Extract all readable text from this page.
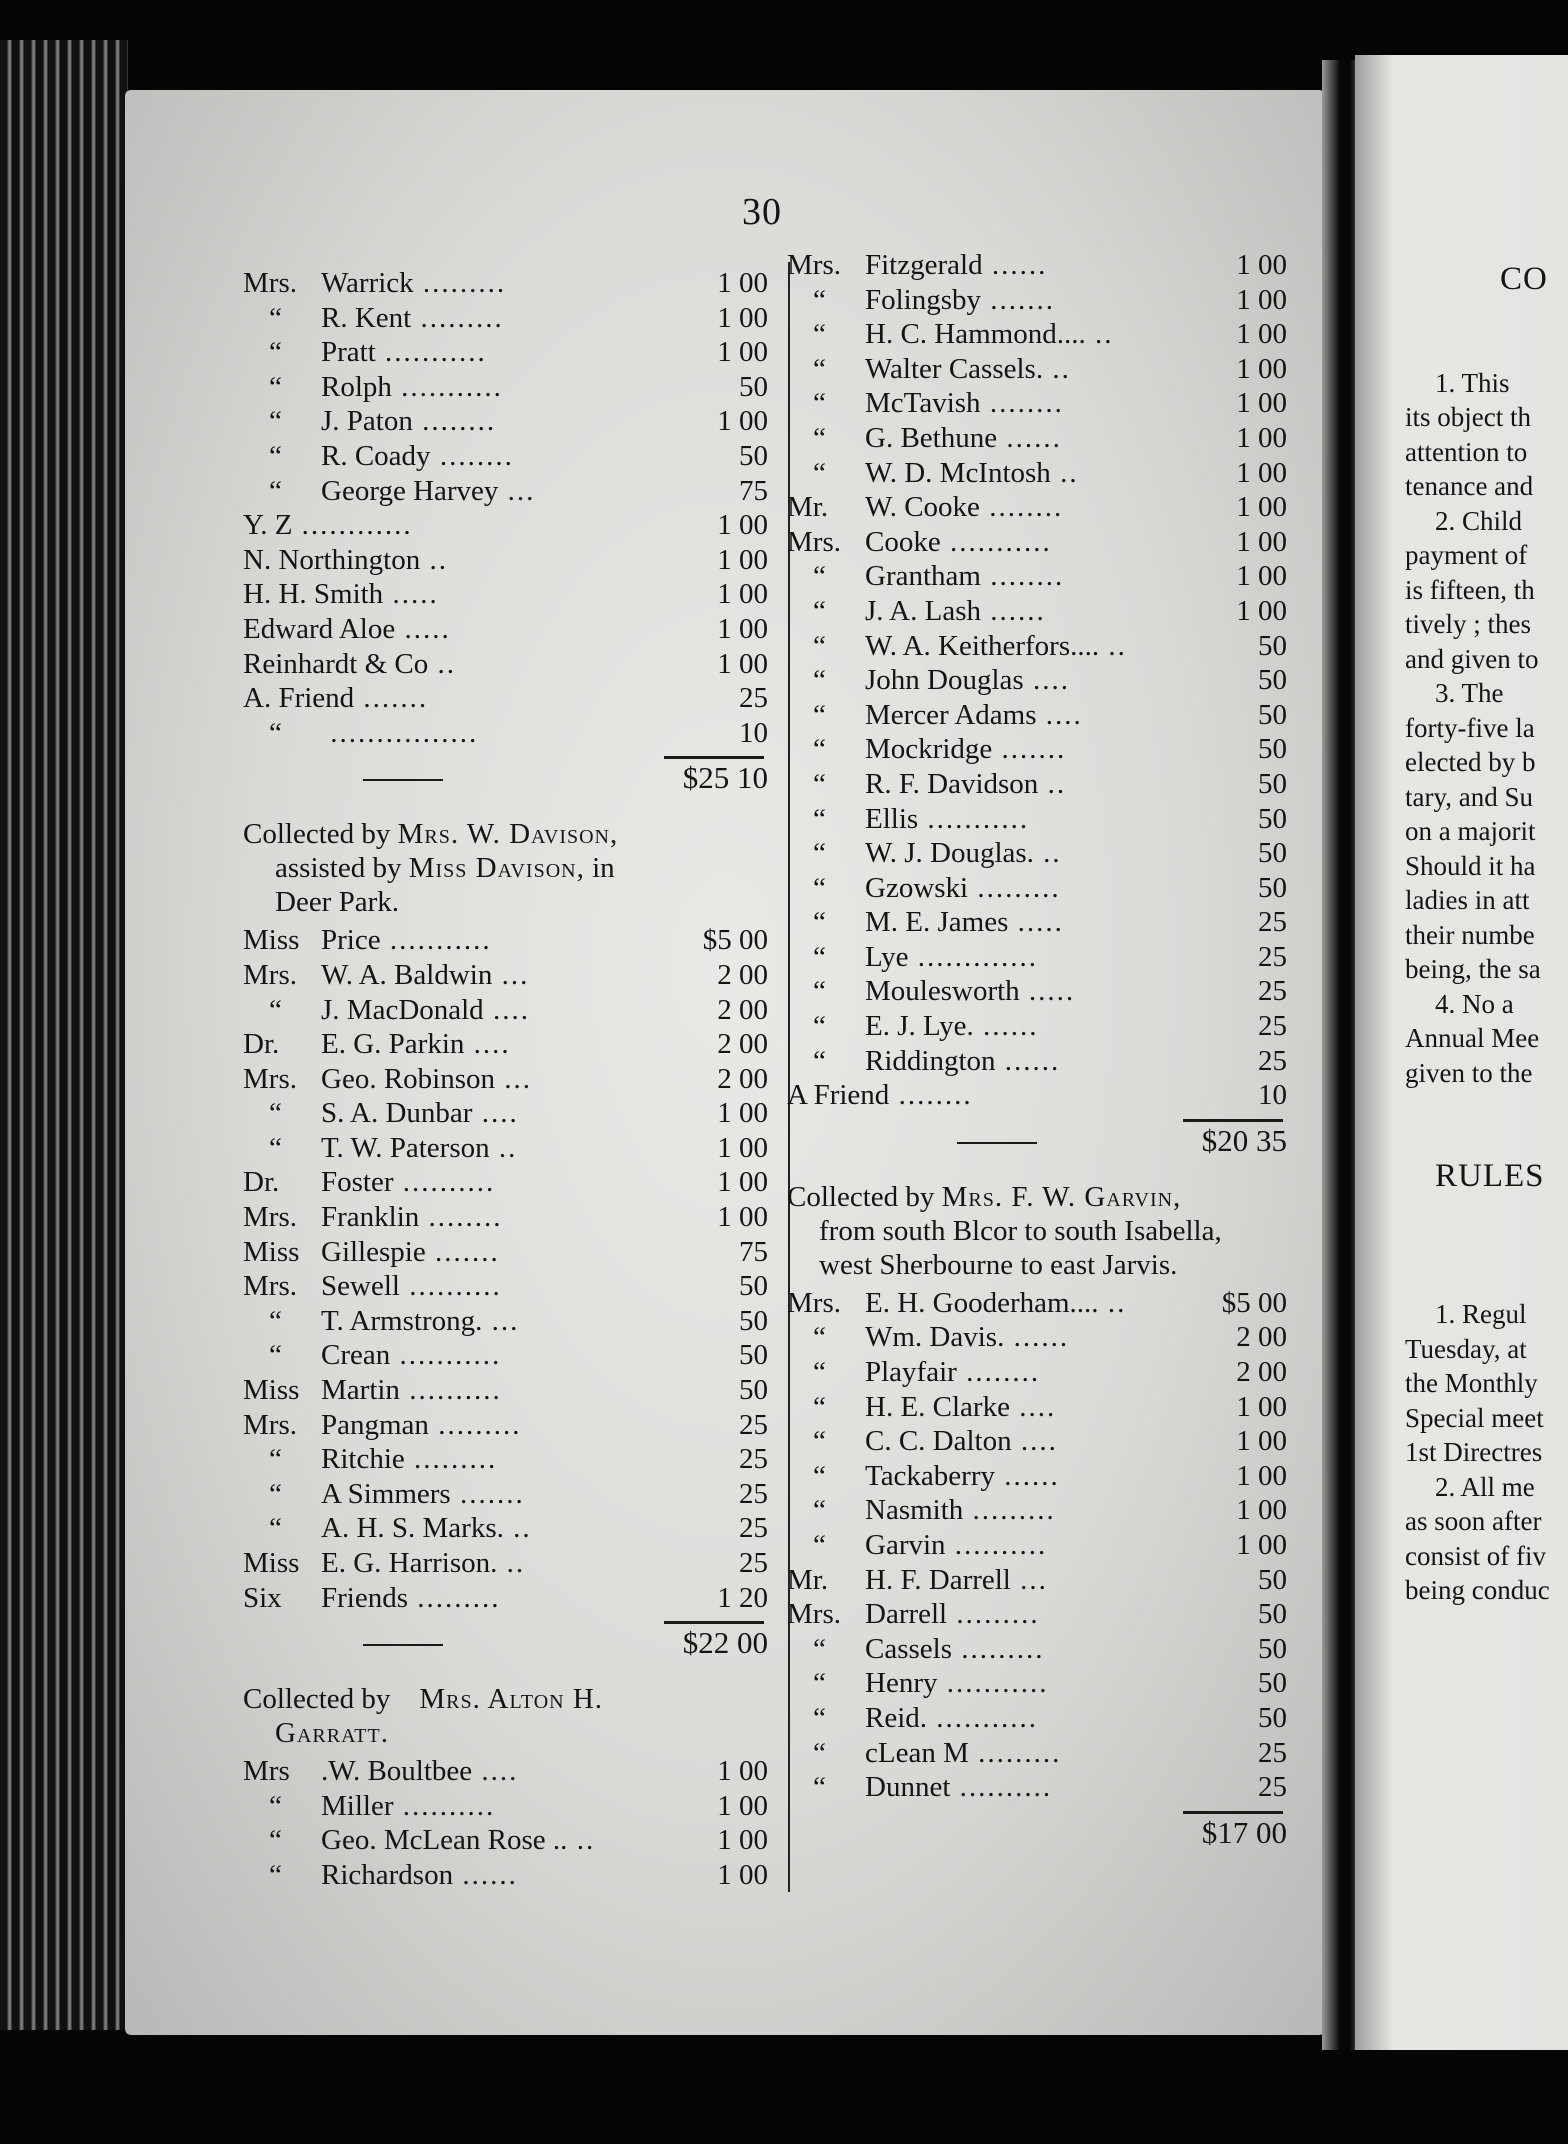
30
Mrs. Warrick .........	1 00
“ R. Kent .........	1 00
“ Pratt ...........	1 00
“ Rolph ...........	50
“ J. Paton ........	1 00
“ R. Coady ........	50
“ George Harvey ...	75
Y. Z ............	1 00
N. Northington ..	1 00
H. H. Smith .....	1 00
Edward Aloe .....	1 00
Reinhardt & Co ..	1 00
A. Friend .......	25
“ ................	10
$25 10
Collected by Mrs. W. Davison,
assisted by Miss Davison, in
Deer Park.
Miss Price ...........	$5 00
Mrs. W. A. Baldwin ...	2 00
“ J. MacDonald ....	2 00
Dr. E. G. Parkin ....	2 00
Mrs. Geo. Robinson ...	2 00
“ S. A. Dunbar ....	1 00
“ T. W. Paterson ..	1 00
Dr. Foster ..........	1 00
Mrs. Franklin ........	1 00
Miss Gillespie .......	75
Mrs. Sewell ..........	50
“ T. Armstrong. ...	50
“ Crean ...........	50
Miss Martin ..........	50
Mrs. Pangman .........	25
“ Ritchie .........	25
“ A Simmers .......	25
“ A. H. S. Marks. ..	25
Miss E. G. Harrison. ..	25
Six Friends .........	1 20
$22 00
Collected by Mrs. Alton H.
Garratt.
Mrs .W. Boultbee ....	1 00
“ Miller ..........	1 00
“ Geo. McLean Rose .. ..	1 00
“ Richardson ......	1 00
Mrs. Fitzgerald ......	1 00
“ Folingsby .......	1 00
“ H. C. Hammond.... ..	1 00
“ Walter Cassels. ..	1 00
“ McTavish ........	1 00
“ G. Bethune ......	1 00
“ W. D. McIntosh ..	1 00
Mr. W. Cooke ........	1 00
Mrs. Cooke ...........	1 00
“ Grantham ........	1 00
“ J. A. Lash ......	1 00
“ W. A. Keitherfors.... ..	50
“ John Douglas ....	50
“ Mercer Adams ....	50
“ Mockridge .......	50
“ R. F. Davidson ..	50
“ Ellis ...........	50
“ W. J. Douglas. ..	50
“ Gzowski .........	50
“ M. E. James .....	25
“ Lye .............	25
“ Moulesworth .....	25
“ E. J. Lye. ......	25
“ Riddington ......	25
A Friend ........	10
$20 35
Collected by Mrs. F. W. Garvin,
from south Blcor to south Isabella,
west Sherbourne to east Jarvis.
Mrs. E. H. Gooderham.... ..	$5 00
“ Wm. Davis. ......	2 00
“ Playfair ........	2 00
“ H. E. Clarke ....	1 00
“ C. C. Dalton ....	1 00
“ Tackaberry ......	1 00
“ Nasmith .........	1 00
“ Garvin ..........	1 00
Mr. H. F. Darrell ...	50
Mrs. Darrell .........	50
“ Cassels .........	50
“ Henry ...........	50
“ Reid. ...........	50
“ cLean M .........	25
“ Dunnet ..........	25
$17 00
CO
1. This
its object th
attention to
tenance and
2. Child
payment of
is fifteen, th
tively ; thes
and given to
3. The
forty-five la
elected by b
tary, and Su
on a majorit
Should it ha
ladies in att
their numbe
being, the sa
4. No a
Annual Mee
given to the
RULES
1. Regul
Tuesday, at
the Monthly
Special meet
1st Directres
2. All me
as soon after
consist of fiv
being conduc
